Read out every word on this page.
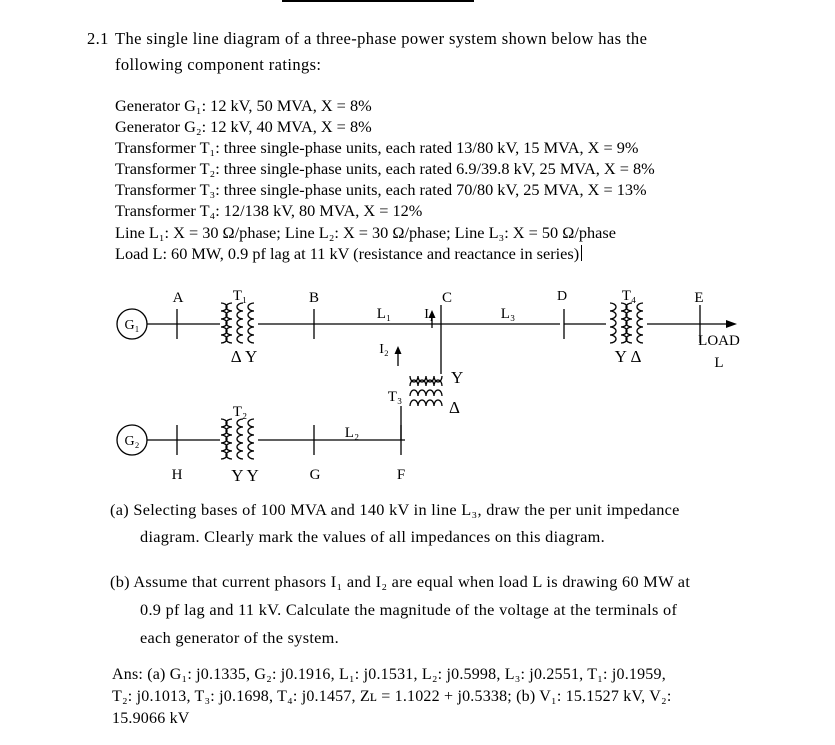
2.1 The single line diagram of a three-phase power system shown below has the
following component ratings:
Generator G₁: 12 kV, 50 MVA, X = 8%
Generator G₂: 12 kV, 40 MVA, X = 8%
Transformer T₁: three single-phase units, each rated 13/80 kV, 15 MVA, X = 9%
Transformer T₂: three single-phase units, each rated 6.9/39.8 kV, 25 MVA, X = 8%
Transformer T₃: three single-phase units, each rated 70/80 kV, 25 MVA, X = 13%
Transformer T₄: 12/138 kV, 80 MVA, X = 12%
Line L₁: X = 30 Ω/phase; Line L₂: X = 30 Ω/phase; Line L₃: X = 50 Ω/phase
Load L: 60 MW, 0.9 pf lag at 11 kV (resistance and reactance in series)
G₁
G₂
A	T₁
Δ Y
B
L₁ I₁
C
L₃
D	T₄
Y Δ
E
LOAD
L
I₂
Y
Δ
T₃
T₂
L₂
H	Y Y	G	F
(a) Selecting bases of 100 MVA and 140 kV in line L₃, draw the per unit impedance
diagram. Clearly mark the values of all impedances on this diagram.
(b) Assume that current phasors I₁ and I₂ are equal when load L is drawing 60 MW at
0.9 pf lag and 11 kV. Calculate the magnitude of the voltage at the terminals of
each generator of the system.
Ans: (a) G₁: j0.1335, G₂: j0.1916, L₁: j0.1531, L₂: j0.5998, L₃: j0.2551, T₁: j0.1959,
T₂: j0.1013, T₃: j0.1698, T₄: j0.1457, Zʟ = 1.1022 + j0.5338; (b) V₁: 15.1527 kV, V₂:
15.9066 kV
